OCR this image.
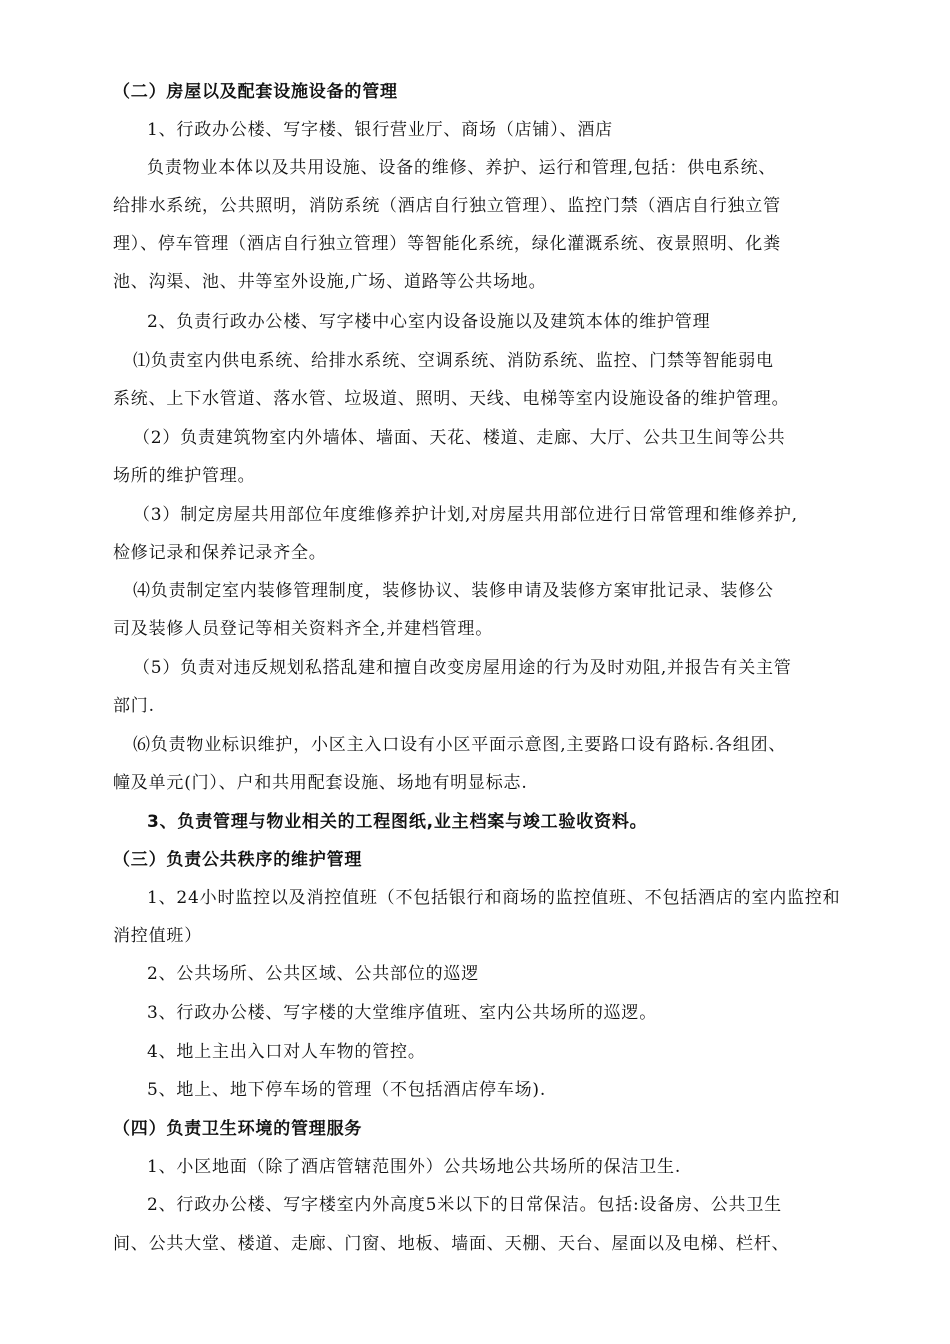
（二）房屋以及配套设施设备的管理

1、行政办公楼、写字楼、银行营业厅、商场（店铺）、酒店

负责物业本体以及共用设施、设备的维修、养护、运行和管理,包括：供电系统、

给排水系统，公共照明，消防系统（酒店自行独立管理）、监控门禁（酒店自行独立管

理）、停车管理（酒店自行独立管理）等智能化系统，绿化灌溉系统、夜景照明、化粪

池、沟渠、池、井等室外设施,广场、道路等公共场地。

2、负责行政办公楼、写字楼中心室内设备设施以及建筑本体的维护管理

⑴负责室内供电系统、给排水系统、空调系统、消防系统、监控、门禁等智能弱电

系统、上下水管道、落水管、垃圾道、照明、天线、电梯等室内设施设备的维护管理。

（2）负责建筑物室内外墙体、墙面、天花、楼道、走廊、大厅、公共卫生间等公共

场所的维护管理。

（3）制定房屋共用部位年度维修养护计划,对房屋共用部位进行日常管理和维修养护,

检修记录和保养记录齐全。

⑷负责制定室内装修管理制度，装修协议、装修申请及装修方案审批记录、装修公

司及装修人员登记等相关资料齐全,并建档管理。

（5）负责对违反规划私搭乱建和擅自改变房屋用途的行为及时劝阻,并报告有关主管

部门.

⑹负责物业标识维护，小区主入口设有小区平面示意图,主要路口设有路标.各组团、

幢及单元(门）、户和共用配套设施、场地有明显标志.

3、负责管理与物业相关的工程图纸,业主档案与竣工验收资料。

（三）负责公共秩序的维护管理

1、24小时监控以及消控值班（不包括银行和商场的监控值班、不包括酒店的室内监控和

消控值班）

2、公共场所、公共区域、公共部位的巡逻

3、行政办公楼、写字楼的大堂维序值班、室内公共场所的巡逻。

4、地上主出入口对人车物的管控。

5、地上、地下停车场的管理（不包括酒店停车场).

（四）负责卫生环境的管理服务

1、小区地面（除了酒店管辖范围外）公共场地公共场所的保洁卫生.

2、行政办公楼、写字楼室内外高度5米以下的日常保洁。包括:设备房、公共卫生

间、公共大堂、楼道、走廊、门窗、地板、墙面、天棚、天台、屋面以及电梯、栏杆、
